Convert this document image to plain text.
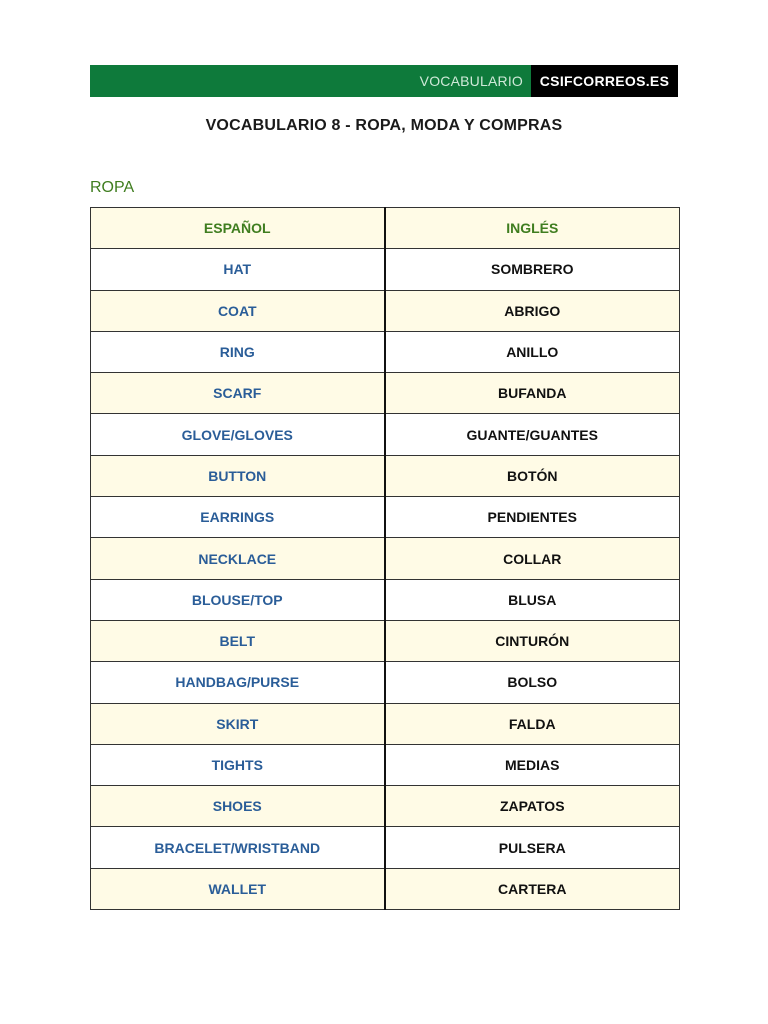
VOCABULARIO	CSIFCORREOS.ES
VOCABULARIO 8 - ROPA, MODA Y COMPRAS
ROPA
ESPAÑOL	INGLÉS
HAT	SOMBRERO
COAT	ABRIGO
RING	ANILLO
SCARF	BUFANDA
GLOVE/GLOVES	GUANTE/GUANTES
BUTTON	BOTÓN
EARRINGS	PENDIENTES
NECKLACE	COLLAR
BLOUSE/TOP	BLUSA
BELT	CINTURÓN
HANDBAG/PURSE	BOLSO
SKIRT	FALDA
TIGHTS	MEDIAS
SHOES	ZAPATOS
BRACELET/WRISTBAND	PULSERA
WALLET	CARTERA
